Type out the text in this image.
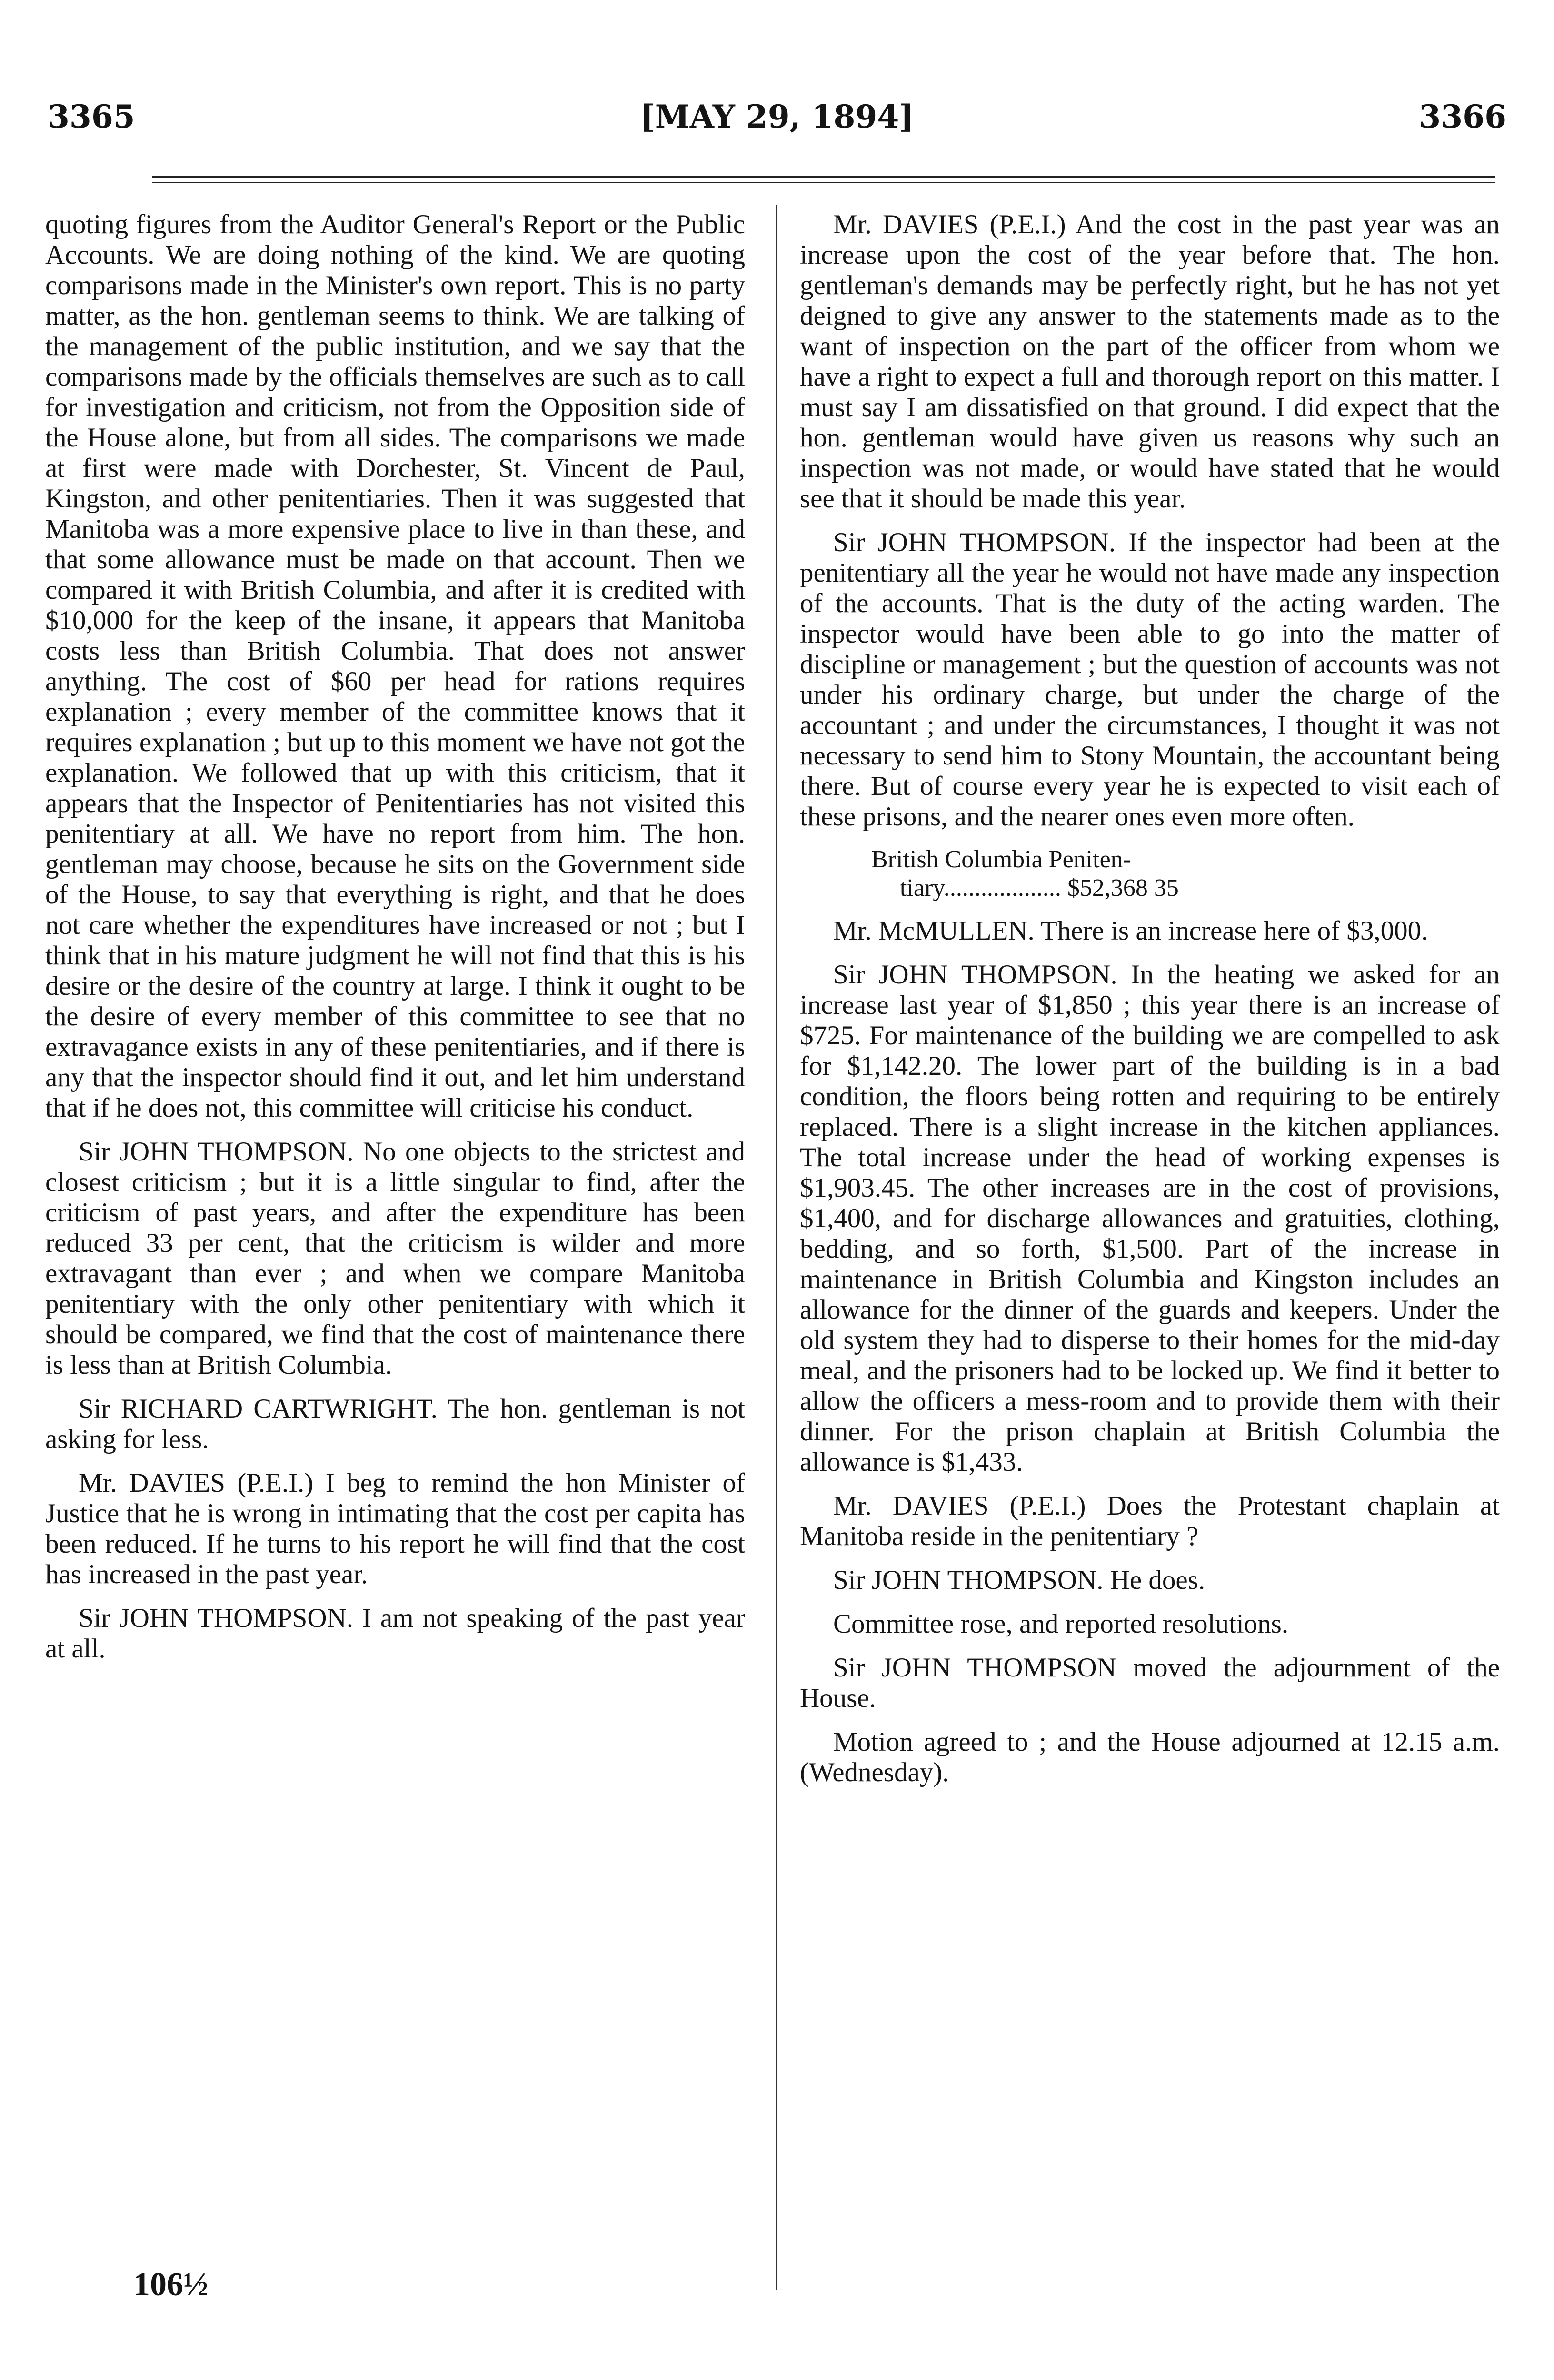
3365	[MAY 29, 1894]	3366

quoting figures from the Auditor General's Report or the Public Accounts. We are doing nothing of the kind. We are quoting comparisons made in the Minister's own report. This is no party matter, as the hon. gentleman seems to think. We are talking of the management of the public institution, and we say that the comparisons made by the officials themselves are such as to call for investigation and criticism, not from the Opposition side of the House alone, but from all sides. The comparisons we made at first were made with Dorchester, St. Vincent de Paul, Kingston, and other penitentiaries. Then it was suggested that Manitoba was a more expensive place to live in than these, and that some allowance must be made on that account. Then we compared it with British Columbia, and after it is credited with $10,000 for the keep of the insane, it appears that Manitoba costs less than British Columbia. That does not answer anything. The cost of $60 per head for rations requires explanation ; every member of the committee knows that it requires explanation ; but up to this moment we have not got the explanation. We followed that up with this criticism, that it appears that the Inspector of Penitentiaries has not visited this penitentiary at all. We have no report from him. The hon. gentleman may choose, because he sits on the Government side of the House, to say that everything is right, and that he does not care whether the expenditures have increased or not ; but I think that in his mature judgment he will not find that this is his desire or the desire of the country at large. I think it ought to be the desire of every member of this committee to see that no extravagance exists in any of these penitentiaries, and if there is any that the inspector should find it out, and let him understand that if he does not, this committee will criticise his conduct.

Sir JOHN THOMPSON. No one objects to the strictest and closest criticism ; but it is a little singular to find, after the criticism of past years, and after the expenditure has been reduced 33 per cent, that the criticism is wilder and more extravagant than ever ; and when we compare Manitoba penitentiary with the only other penitentiary with which it should be compared, we find that the cost of maintenance there is less than at British Columbia.

Sir RICHARD CARTWRIGHT. The hon. gentleman is not asking for less.

Mr. DAVIES (P.E.I.) I beg to remind the hon Minister of Justice that he is wrong in intimating that the cost per capita has been reduced. If he turns to his report he will find that the cost has increased in the past year.

Sir JOHN THOMPSON. I am not speaking of the past year at all.

Mr. DAVIES (P.E.I.) And the cost in the past year was an increase upon the cost of the year before that. The hon. gentleman's demands may be perfectly right, but he has not yet deigned to give any answer to the statements made as to the want of inspection on the part of the officer from whom we have a right to expect a full and thorough report on this matter. I must say I am dissatisfied on that ground. I did expect that the hon. gentleman would have given us reasons why such an inspection was not made, or would have stated that he would see that it should be made this year.

Sir JOHN THOMPSON. If the inspector had been at the penitentiary all the year he would not have made any inspection of the accounts. That is the duty of the acting warden. The inspector would have been able to go into the matter of discipline or management ; but the question of accounts was not under his ordinary charge, but under the charge of the accountant ; and under the circumstances, I thought it was not necessary to send him to Stony Mountain, the accountant being there. But of course every year he is expected to visit each of these prisons, and the nearer ones even more often.

British Columbia Peniten-
tiary................... $52,368 35

Mr. McMULLEN. There is an increase here of $3,000.

Sir JOHN THOMPSON. In the heating we asked for an increase last year of $1,850 ; this year there is an increase of $725. For maintenance of the building we are compelled to ask for $1,142.20. The lower part of the building is in a bad condition, the floors being rotten and requiring to be entirely replaced. There is a slight increase in the kitchen appliances. The total increase under the head of working expenses is $1,903.45. The other increases are in the cost of provisions, $1,400, and for discharge allowances and gratuities, clothing, bedding, and so forth, $1,500. Part of the increase in maintenance in British Columbia and Kingston includes an allowance for the dinner of the guards and keepers. Under the old system they had to disperse to their homes for the mid-day meal, and the prisoners had to be locked up. We find it better to allow the officers a mess-room and to provide them with their dinner. For the prison chaplain at British Columbia the allowance is $1,433.

Mr. DAVIES (P.E.I.) Does the Protestant chaplain at Manitoba reside in the penitentiary ?

Sir JOHN THOMPSON. He does.

Committee rose, and reported resolutions.

Sir JOHN THOMPSON moved the adjournment of the House.

Motion agreed to ; and the House adjourned at 12.15 a.m. (Wednesday).

106½
